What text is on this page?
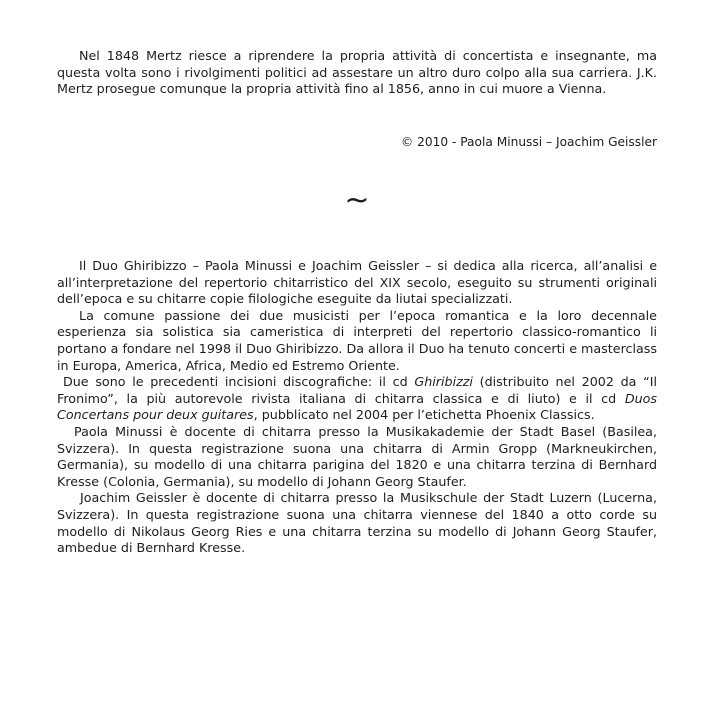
Nel 1848 Mertz riesce a riprendere la propria attività di concertista e insegnante, ma questa volta sono i rivolgimenti politici ad assestare un altro duro colpo alla sua carriera. J.K. Mertz prosegue comunque la propria attività fino al 1856, anno in cui muore a Vienna.

© 2010 - Paola Minussi – Joachim Geissler
~

Il Duo Ghiribizzo – Paola Minussi e Joachim Geissler – si dedica alla ricerca, all’analisi e all’interpretazione del repertorio chitarristico del XIX secolo, eseguito su strumenti originali dell’epoca e su chitarre copie filologiche eseguite da liutai specializzati.

La comune passione dei due musicisti per l’epoca romantica e la loro decennale esperienza sia solistica sia cameristica di interpreti del repertorio classico-romantico li portano a fondare nel 1998 il Duo Ghiribizzo. Da allora il Duo ha tenuto concerti e masterclass in Europa, America, Africa, Medio ed Estremo Oriente.

Due sono le precedenti incisioni discografiche: il cd Ghiribizzi (distribuito nel 2002 da “Il Fronimo”, la più autorevole rivista italiana di chitarra classica e di liuto) e il cd Duos Concertans pour deux guitares, pubblicato nel 2004 per l’etichetta Phoenix Classics.

Paola Minussi è docente di chitarra presso la Musikakademie der Stadt Basel (Basilea, Svizzera). In questa registrazione suona una chitarra di Armin Gropp (Markneukirchen, Germania), su modello di una chitarra parigina del 1820 e una chitarra terzina di Bernhard Kresse (Colonia, Germania), su modello di Johann Georg Staufer.

Joachim Geissler è docente di chitarra presso la Musikschule der Stadt Luzern (Lucerna, Svizzera). In questa registrazione suona una chitarra viennese del 1840 a otto corde su modello di Nikolaus Georg Ries e una chitarra terzina su modello di Johann Georg Staufer, ambedue di Bernhard Kresse.
